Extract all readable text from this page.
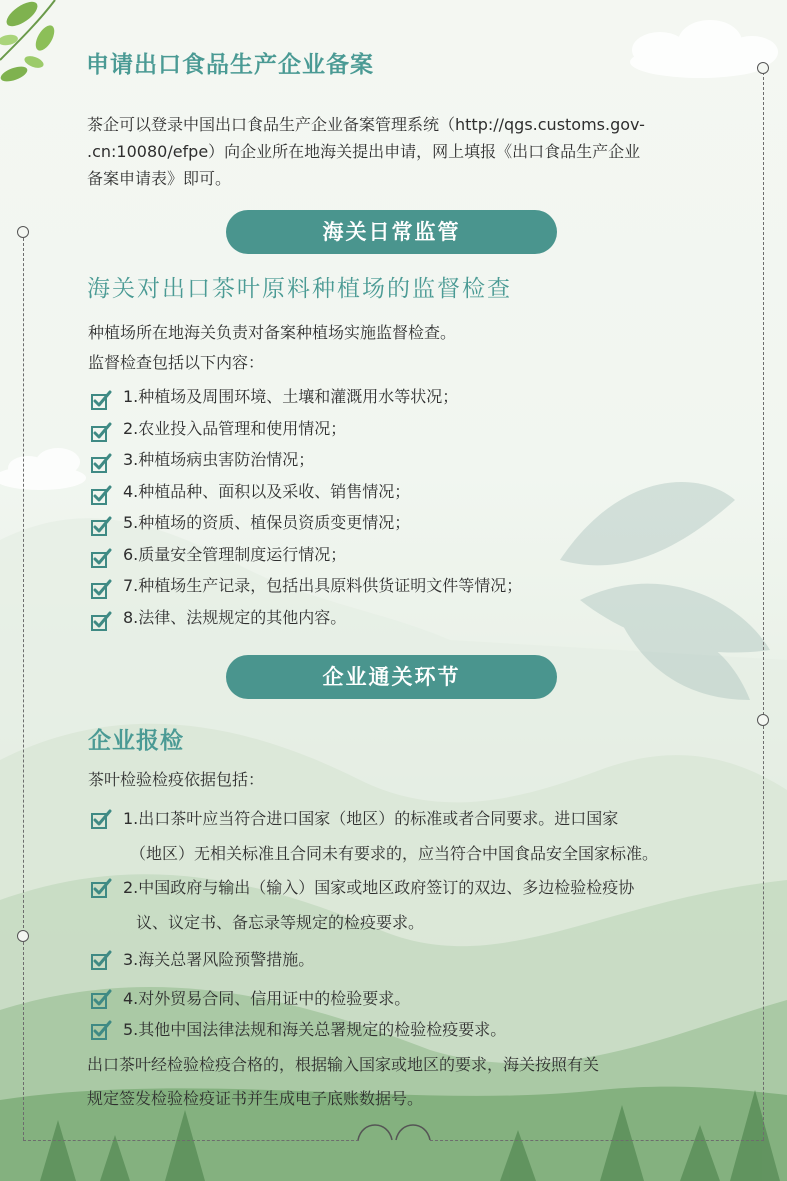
申请出口食品生产企业备案
茶企可以登录中国出口食品生产企业备案管理系统（http://qgs.customs.gov-
.cn:10080/efpe）向企业所在地海关提出申请，网上填报《出口食品生产企业
备案申请表》即可。
海关日常监管
海关对出口茶叶原料种植场的监督检查
种植场所在地海关负责对备案种植场实施监督检查。
监督检查包括以下内容：
1.种植场及周围环境、土壤和灌溉用水等状况；
2.农业投入品管理和使用情况；
3.种植场病虫害防治情况；
4.种植品种、面积以及采收、销售情况；
5.种植场的资质、植保员资质变更情况；
6.质量安全管理制度运行情况；
7.种植场生产记录，包括出具原料供货证明文件等情况；
8.法律、法规规定的其他内容。
企业通关环节
企业报检
茶叶检验检疫依据包括：
1.出口茶叶应当符合进口国家（地区）的标准或者合同要求。进口国家
（地区）无相关标准且合同未有要求的，应当符合中国食品安全国家标准。
2.中国政府与输出（输入）国家或地区政府签订的双边、多边检验检疫协
议、议定书、备忘录等规定的检疫要求。
3.海关总署风险预警措施。
4.对外贸易合同、信用证中的检验要求。
5.其他中国法律法规和海关总署规定的检验检疫要求。
出口茶叶经检验检疫合格的，根据输入国家或地区的要求，海关按照有关
规定签发检验检疫证书并生成电子底账数据号。
